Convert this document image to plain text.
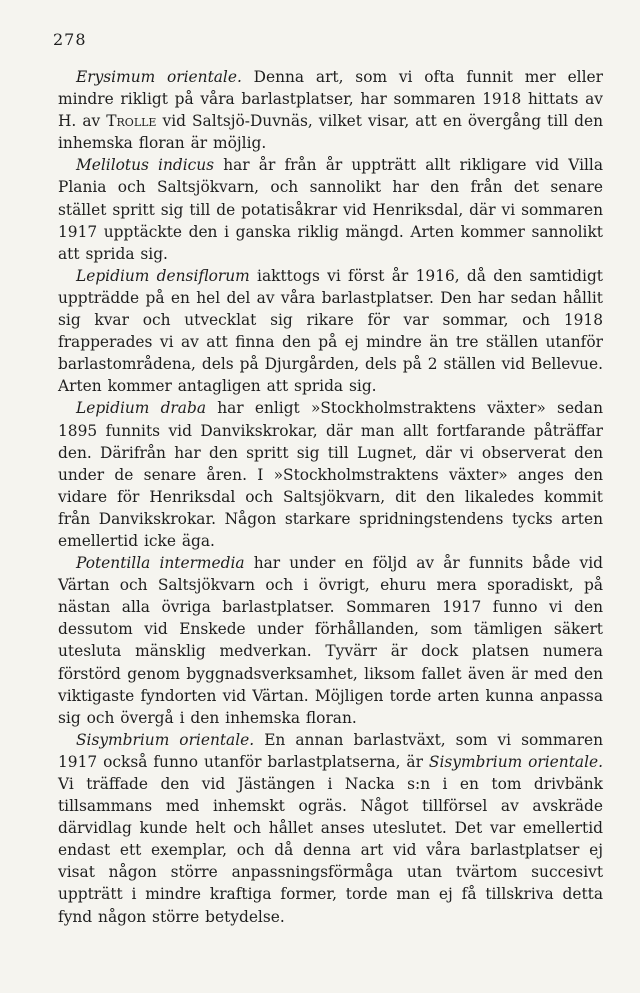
278

Erysimum orientale. Denna art, som vi ofta funnit mer eller mindre rikligt på våra barlastplatser, har sommaren 1918 hittats av H. av Trolle vid Saltsjö-Duvnäs, vilket visar, att en övergång till den inhemska floran är möjlig.

Melilotus indicus har år från år uppträtt allt rikligare vid Villa Plania och Saltsjökvarn, och sannolikt har den från det senare stället spritt sig till de potatisåkrar vid Henriksdal, där vi sommaren 1917 upptäckte den i ganska riklig mängd. Arten kommer sannolikt att sprida sig.

Lepidium densiflorum iakttogs vi först år 1916, då den samtidigt uppträdde på en hel del av våra barlastplatser. Den har sedan hållit sig kvar och utvecklat sig rikare för var sommar, och 1918 frapperades vi av att finna den på ej mindre än tre ställen utanför barlastområdena, dels på Djurgården, dels på 2 ställen vid Bellevue. Arten kommer antagligen att sprida sig.

Lepidium draba har enligt »Stockholmstraktens växter» sedan 1895 funnits vid Danvikskrokar, där man allt fortfarande påträffar den. Därifrån har den spritt sig till Lugnet, där vi observerat den under de senare åren. I »Stockholmstraktens växter» anges den vidare för Henriksdal och Saltsjökvarn, dit den likaledes kommit från Danvikskrokar. Någon starkare spridningstendens tycks arten emellertid icke äga.

Potentilla intermedia har under en följd av år funnits både vid Värtan och Saltsjökvarn och i övrigt, ehuru mera sporadiskt, på nästan alla övriga barlastplatser. Sommaren 1917 funno vi den dessutom vid Enskede under förhållanden, som tämligen säkert utesluta mänsklig medverkan. Tyvärr är dock platsen numera förstörd genom byggnadsverksamhet, liksom fallet även är med den viktigaste fyndorten vid Värtan. Möjligen torde arten kunna anpassa sig och övergå i den inhemska floran.

Sisymbrium orientale. En annan barlastväxt, som vi sommaren 1917 också funno utanför barlastplatserna, är Sisymbrium orientale. Vi träffade den vid Jästängen i Nacka s:n i en tom drivbänk tillsammans med inhemskt ogräs. Något tillförsel av avskräde därvidlag kunde helt och hållet anses uteslutet. Det var emellertid endast ett exemplar, och då denna art vid våra barlastplatser ej visat någon större anpassningsförmåga utan tvärtom succesivt uppträtt i mindre kraftiga former, torde man ej få tillskriva detta fynd någon större betydelse.
